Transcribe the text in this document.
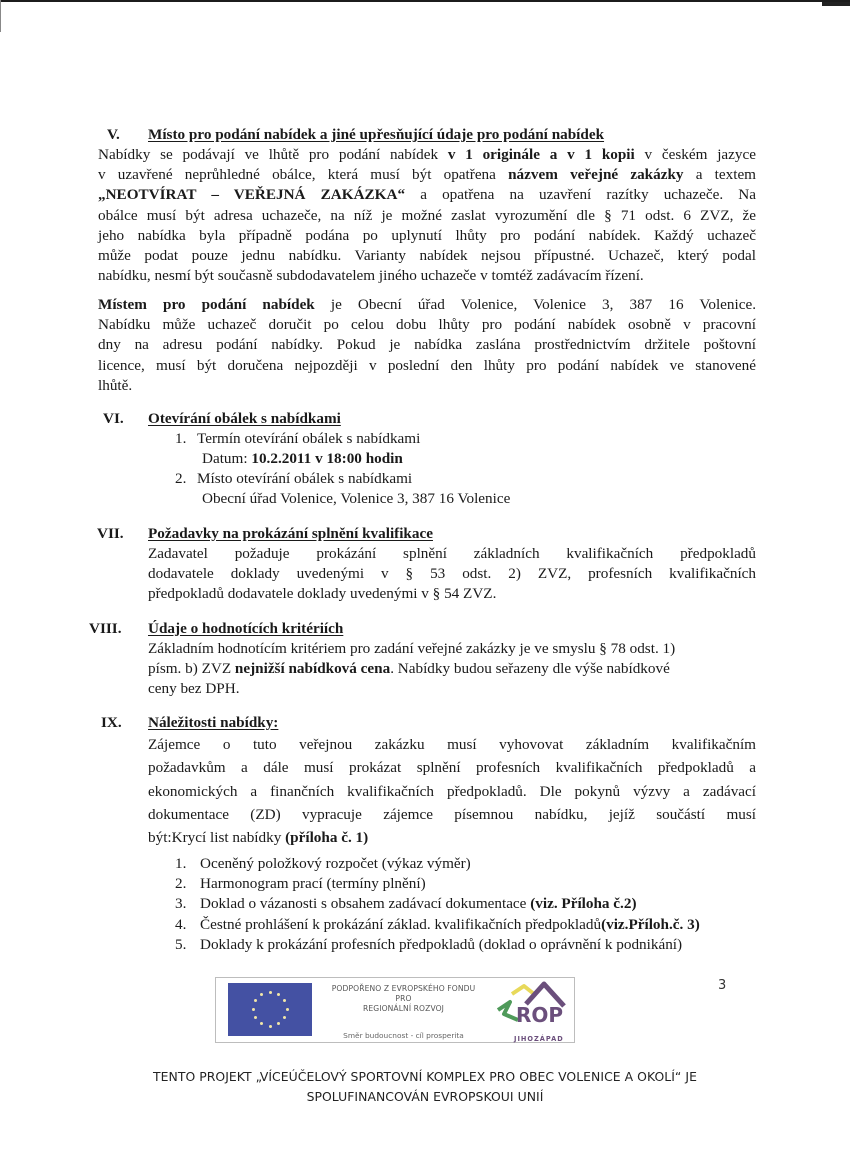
V. Místo pro podání nabídek a jiné upřesňující údaje pro podání nabídek
Nabídky se podávají ve lhůtě pro podání nabídek v 1 originále a v 1 kopii v českém jazyce
v uzavřené neprůhledné obálce, která musí být opatřena názvem veřejné zakázky a textem
„NEOTVÍRAT – VEŘEJNÁ ZAKÁZKA“ a opatřena na uzavření razítky uchazeče. Na
obálce musí být adresa uchazeče, na níž je možné zaslat vyrozumění dle § 71 odst. 6 ZVZ, že
jeho nabídka byla případně podána po uplynutí lhůty pro podání nabídek. Každý uchazeč
může podat pouze jednu nabídku. Varianty nabídek nejsou přípustné. Uchazeč, který podal
nabídku, nesmí být současně subdodavatelem jiného uchazeče v tomtéž zadávacím řízení.
Místem pro podání nabídek je Obecní úřad Volenice, Volenice 3, 387 16 Volenice.
Nabídku může uchazeč doručit po celou dobu lhůty pro podání nabídek osobně v pracovní
dny na adresu podání nabídky. Pokud je nabídka zaslána prostřednictvím držitele poštovní
licence, musí být doručena nejpozději v poslední den lhůty pro podání nabídek ve stanovené
lhůtě.
VI. Otevírání obálek s nabídkami
1. Termín otevírání obálek s nabídkami
Datum: 10.2.2011 v 18:00 hodin
2. Místo otevírání obálek s nabídkami
Obecní úřad Volenice, Volenice 3, 387 16 Volenice
VII. Požadavky na prokázání splnění kvalifikace
Zadavatel požaduje prokázání splnění základních kvalifikačních předpokladů
dodavatele doklady uvedenými v § 53 odst. 2) ZVZ, profesních kvalifikačních
předpokladů dodavatele doklady uvedenými v § 54 ZVZ.
VIII. Údaje o hodnotících kritériích
Základním hodnotícím kritériem pro zadání veřejné zakázky je ve smyslu § 78 odst. 1)
písm. b) ZVZ nejnižší nabídková cena. Nabídky budou seřazeny dle výše nabídkové
ceny bez DPH.
IX. Náležitosti nabídky:
Zájemce o tuto veřejnou zakázku musí vyhovovat základním kvalifikačním
požadavkům a dále musí prokázat splnění profesních kvalifikačních předpokladů a
ekonomických a finančních kvalifikačních předpokladů. Dle pokynů výzvy a zadávací
dokumentace (ZD) vypracuje zájemce písemnou nabídku, jejíž součástí musí
být:Krycí list nabídky (příloha č. 1)
1. Oceněný položkový rozpočet (výkaz výměr)
2. Harmonogram prací (termíny plnění)
3. Doklad o vázanosti s obsahem zadávací dokumentace (viz. Příloha č.2)
4. Čestné prohlášení k prokázání základ. kvalifikačních předpokladů(viz.Příloh.č. 3)
5. Doklady k prokázání profesních předpokladů (doklad o oprávnění k podnikání)
PODPOŘENO Z EVROPSKÉHO FONDU
PRO
REGIONÁLNÍ ROZVOJ
Směr budoucnost - cíl prosperita
ROP
JIHOZÁPAD
3
TENTO PROJEKT „VÍCEÚČELOVÝ SPORTOVNÍ KOMPLEX PRO OBEC VOLENICE A OKOLÍ“ JE
SPOLUFINANCOVÁN EVROPSKOUI UNIÍ
